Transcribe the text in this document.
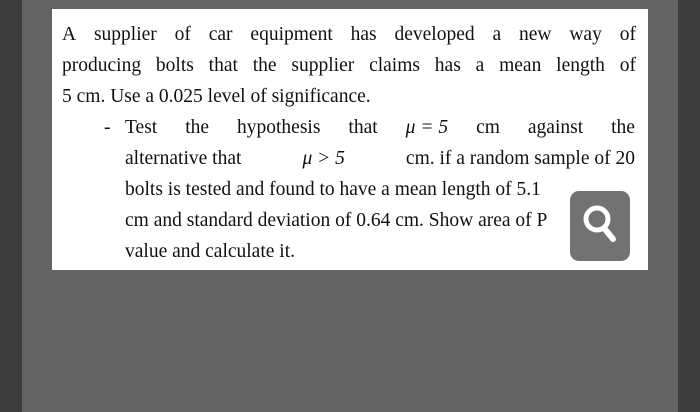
A supplier of car equipment has developed a new way of
producing bolts that the supplier claims has a mean length of
5 cm. Use a 0.025 level of significance.
- Test the hypothesis that μ = 5 cm against the
alternative that	μ > 5	cm. if a random sample of 20
bolts is tested and found to have a mean length of 5.1
cm and standard deviation of 0.64 cm. Show area of P
value and calculate it.
